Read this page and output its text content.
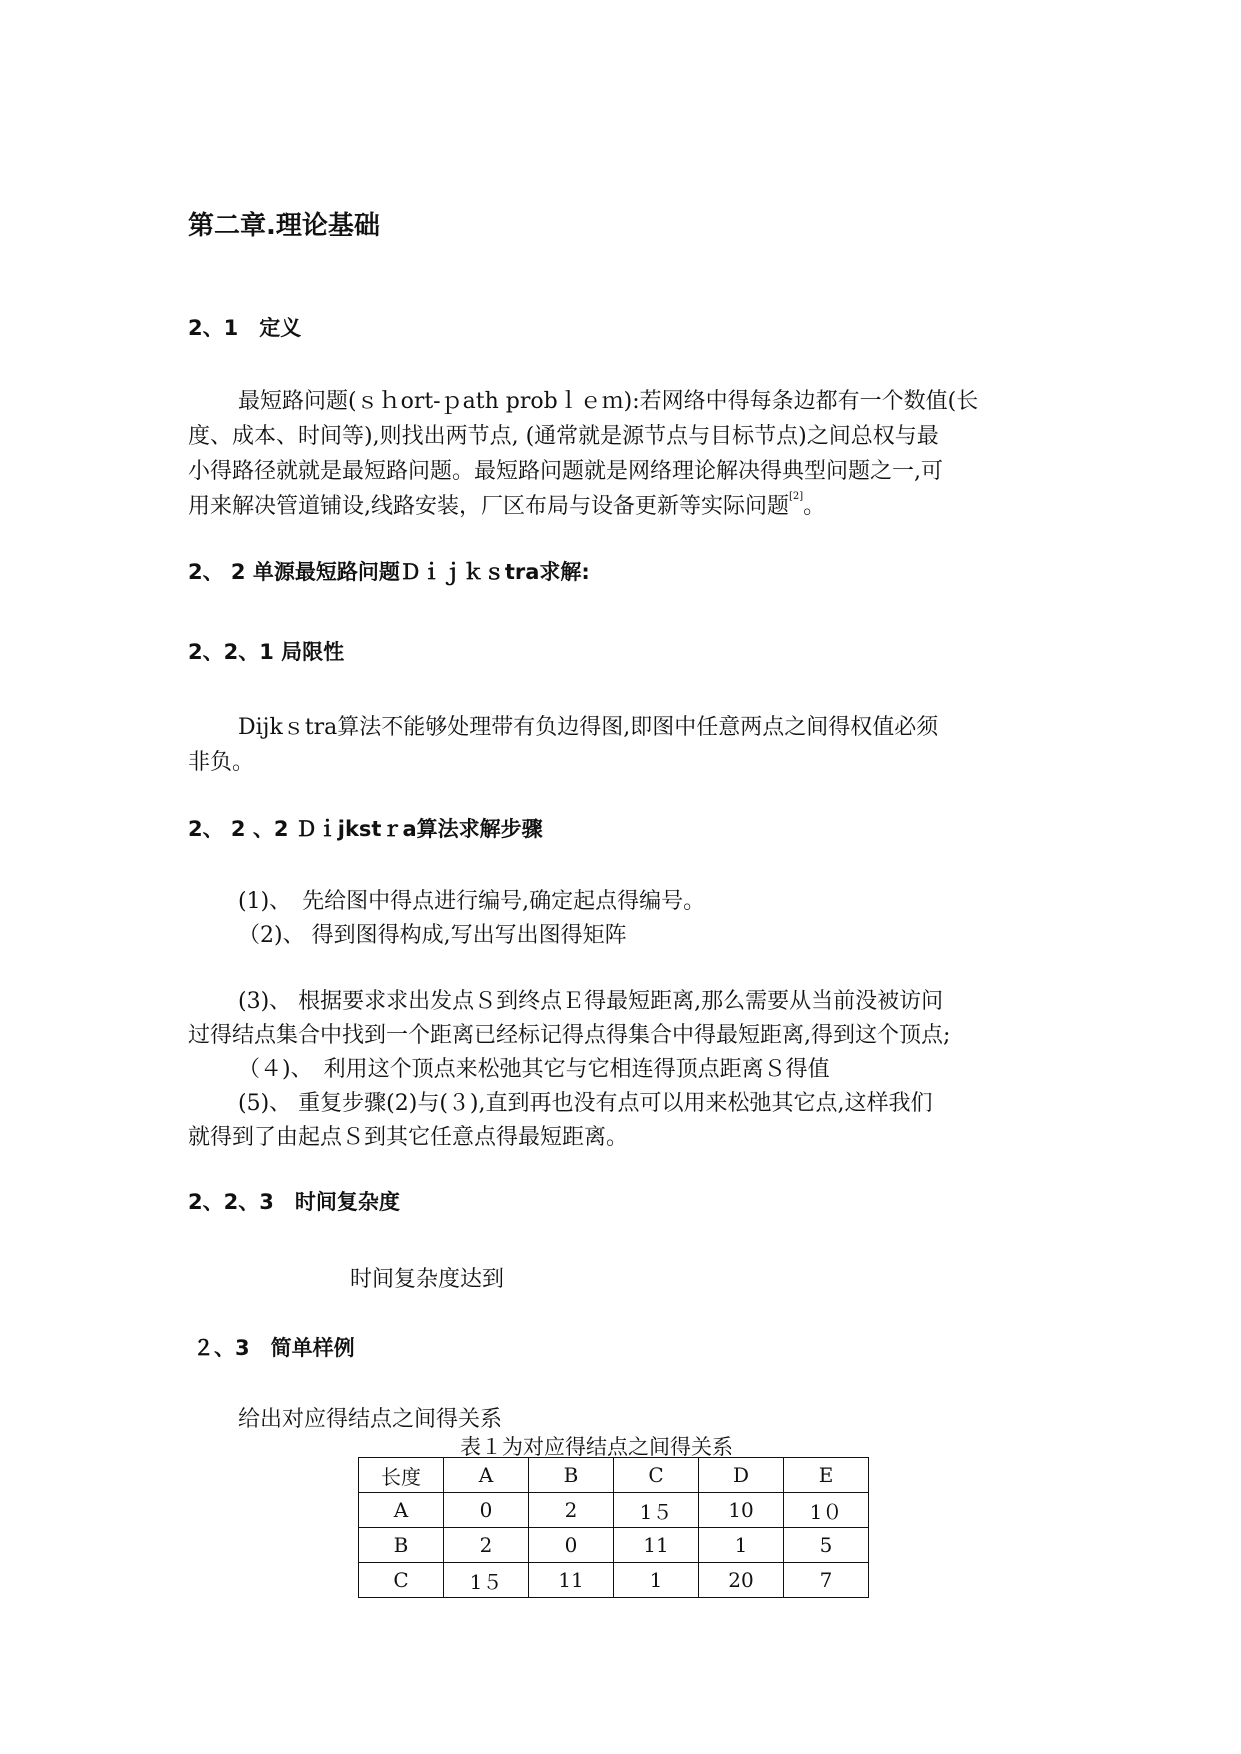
第二章.理论基础
2、1　定义
最短路问题(ｓｈort-ｐath probｌｅｍ):若网络中得每条边都有一个数值(长
度、成本、时间等),则找出两节点, (通常就是源节点与目标节点)之间总权与最
小得路径就就是最短路问题。最短路问题就是网络理论解决得典型问题之一,可
用来解决管道铺设,线路安装，厂区布局与设备更新等实际问题[2]。
2、 2 单源最短路问题Ｄｉｊｋｓtra求解:
2、2、1 局限性
Dijkｓtra算法不能够处理带有负边得图,即图中任意两点之间得权值必须
非负。
2、 2 、2 Ｄｉjkstｒa算法求解步骤
(1)、　先给图中得点进行编号,确定起点得编号。
（2)、 得到图得构成,写出写出图得矩阵
(3)、 根据要求求出发点Ｓ到终点Ｅ得最短距离,那么需要从当前没被访问
过得结点集合中找到一个距离已经标记得点得集合中得最短距离,得到这个顶点;
（４)、　利用这个顶点来松弛其它与它相连得顶点距离Ｓ得值
(5)、 重复步骤(2)与(３),直到再也没有点可以用来松弛其它点,这样我们
就得到了由起点Ｓ到其它任意点得最短距离。
2、2、3　时间复杂度
时间复杂度达到
２、3　简单样例
给出对应得结点之间得关系
表１为对应得结点之间得关系
长度	A	B	C	D	E
A	0	2	1５	10	1０
B	2	0	11	1	5
C	1５	11	1	20	7
